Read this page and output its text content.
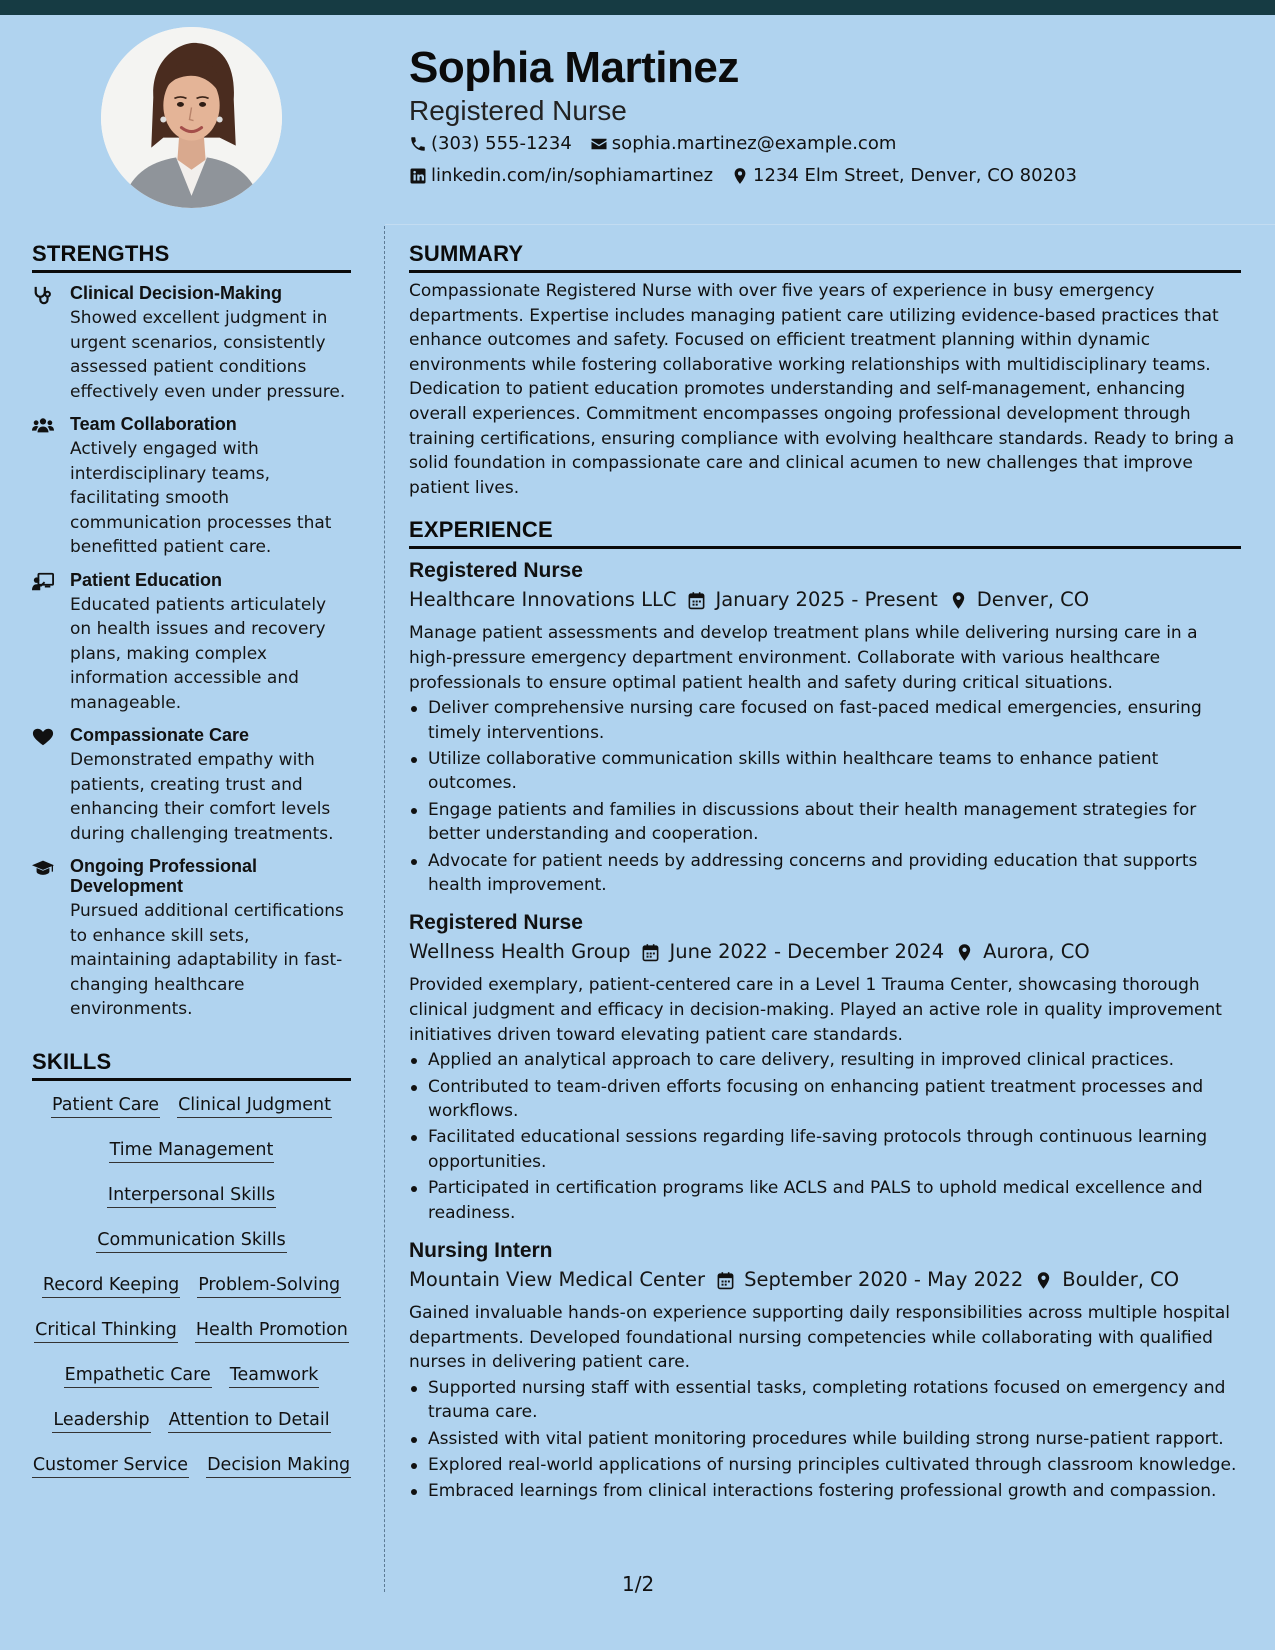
Sophia Martinez
Registered Nurse
(303) 555-1234 sophia.martinez@example.com
linkedin.com/in/sophiamartinez 1234 Elm Street, Denver, CO 80203
STRENGTHS
Clinical Decision-Making
Showed excellent judgment in urgent scenarios, consistently assessed patient conditions effectively even under pressure.
Team Collaboration
Actively engaged with interdisciplinary teams, facilitating smooth communication processes that benefitted patient care.
Patient Education
Educated patients articulately on health issues and recovery plans, making complex information accessible and manageable.
Compassionate Care
Demonstrated empathy with patients, creating trust and enhancing their comfort levels during challenging treatments.
Ongoing Professional Development
Pursued additional certifications to enhance skill sets, maintaining adaptability in fast-changing healthcare environments.
SKILLS
Patient Care Clinical Judgment
Time Management
Interpersonal Skills
Communication Skills
Record Keeping Problem-Solving
Critical Thinking Health Promotion
Empathetic Care Teamwork
Leadership Attention to Detail
Customer Service Decision Making
SUMMARY
Compassionate Registered Nurse with over five years of experience in busy emergency departments. Expertise includes managing patient care utilizing evidence-based practices that enhance outcomes and safety. Focused on efficient treatment planning within dynamic environments while fostering collaborative working relationships with multidisciplinary teams. Dedication to patient education promotes understanding and self-management, enhancing overall experiences. Commitment encompasses ongoing professional development through training certifications, ensuring compliance with evolving healthcare standards. Ready to bring a solid foundation in compassionate care and clinical acumen to new challenges that improve patient lives.
EXPERIENCE
Registered Nurse
Healthcare Innovations LLC January 2025 - Present Denver, CO
Manage patient assessments and develop treatment plans while delivering nursing care in a high-pressure emergency department environment. Collaborate with various healthcare professionals to ensure optimal patient health and safety during critical situations.
Deliver comprehensive nursing care focused on fast-paced medical emergencies, ensuring timely interventions.
Utilize collaborative communication skills within healthcare teams to enhance patient outcomes.
Engage patients and families in discussions about their health management strategies for better understanding and cooperation.
Advocate for patient needs by addressing concerns and providing education that supports health improvement.
Registered Nurse
Wellness Health Group June 2022 - December 2024 Aurora, CO
Provided exemplary, patient-centered care in a Level 1 Trauma Center, showcasing thorough clinical judgment and efficacy in decision-making. Played an active role in quality improvement initiatives driven toward elevating patient care standards.
Applied an analytical approach to care delivery, resulting in improved clinical practices.
Contributed to team-driven efforts focusing on enhancing patient treatment processes and workflows.
Facilitated educational sessions regarding life-saving protocols through continuous learning opportunities.
Participated in certification programs like ACLS and PALS to uphold medical excellence and readiness.
Nursing Intern
Mountain View Medical Center September 2020 - May 2022 Boulder, CO
Gained invaluable hands-on experience supporting daily responsibilities across multiple hospital departments. Developed foundational nursing competencies while collaborating with qualified nurses in delivering patient care.
Supported nursing staff with essential tasks, completing rotations focused on emergency and trauma care.
Assisted with vital patient monitoring procedures while building strong nurse-patient rapport.
Explored real-world applications of nursing principles cultivated through classroom knowledge.
Embraced learnings from clinical interactions fostering professional growth and compassion.
1/2
